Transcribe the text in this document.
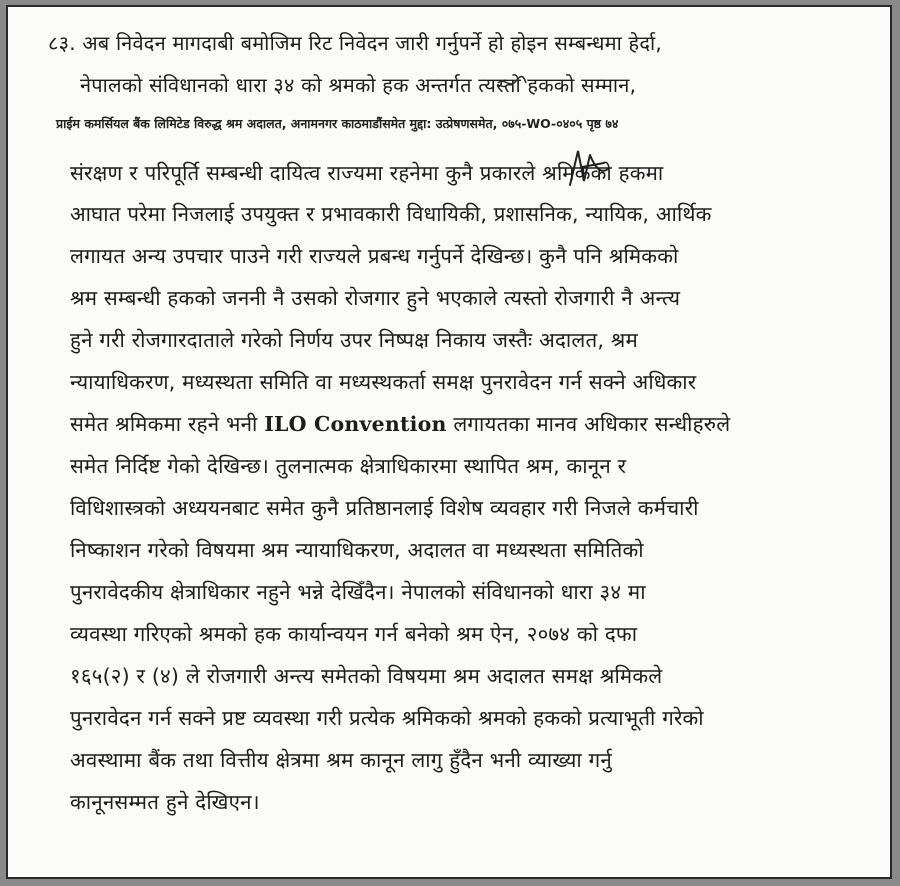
८३. अब निवेदन मागदाबी बमोजिम रिट निवेदन जारी गर्नुपर्ने हो होइन सम्बन्धमा हेर्दा,
नेपालको संविधानको धारा ३४ को श्रमको हक अन्तर्गत त्यस्तो हकको सम्मान,
प्राईम कमर्सियल बैंक लिमिटेड विरुद्ध श्रम अदालत, अनामनगर काठमाडौंसमेत मुद्दा: उत्प्रेषणसमेत, ०७५-WO-०४०५ पृष्ठ ७४
संरक्षण र परिपूर्ति सम्बन्धी दायित्व राज्यमा रहनेमा कुनै प्रकारले श्रमिकको हकमा
आघात परेमा निजलाई उपयुक्त र प्रभावकारी विधायिकी, प्रशासनिक, न्यायिक, आर्थिक
लगायत अन्य उपचार पाउने गरी राज्यले प्रबन्ध गर्नुपर्ने देखिन्छ। कुनै पनि श्रमिकको
श्रम सम्बन्धी हकको जननी नै उसको रोजगार हुने भएकाले त्यस्तो रोजगारी नै अन्त्य
हुने गरी रोजगारदाताले गरेको निर्णय उपर निष्पक्ष निकाय जस्तैः अदालत, श्रम
न्यायाधिकरण, मध्यस्थता समिति वा मध्यस्थकर्ता समक्ष पुनरावेदन गर्न सक्ने अधिकार
समेत श्रमिकमा रहने भनी ILO Convention लगायतका मानव अधिकार सन्धीहरुले
समेत निर्दिष्ट गेको देखिन्छ। तुलनात्मक क्षेत्राधिकारमा स्थापित श्रम, कानून र
विधिशास्त्रको अध्ययनबाट समेत कुनै प्रतिष्ठानलाई विशेष व्यवहार गरी निजले कर्मचारी
निष्काशन गरेको विषयमा श्रम न्यायाधिकरण, अदालत वा मध्यस्थता समितिको
पुनरावेदकीय क्षेत्राधिकार नहुने भन्ने देखिँदैन। नेपालको संविधानको धारा ३४ मा
व्यवस्था गरिएको श्रमको हक कार्यान्वयन गर्न बनेको श्रम ऐन, २०७४ को दफा
१६५(२) र (४) ले रोजगारी अन्त्य समेतको विषयमा श्रम अदालत समक्ष श्रमिकले
पुनरावेदन गर्न सक्ने प्रष्ट व्यवस्था गरी प्रत्येक श्रमिकको श्रमको हकको प्रत्याभूती गरेको
अवस्थामा बैंक तथा वित्तीय क्षेत्रमा श्रम कानून लागु हुँदैन भनी व्याख्या गर्नु
कानूनसम्मत हुने देखिएन।
